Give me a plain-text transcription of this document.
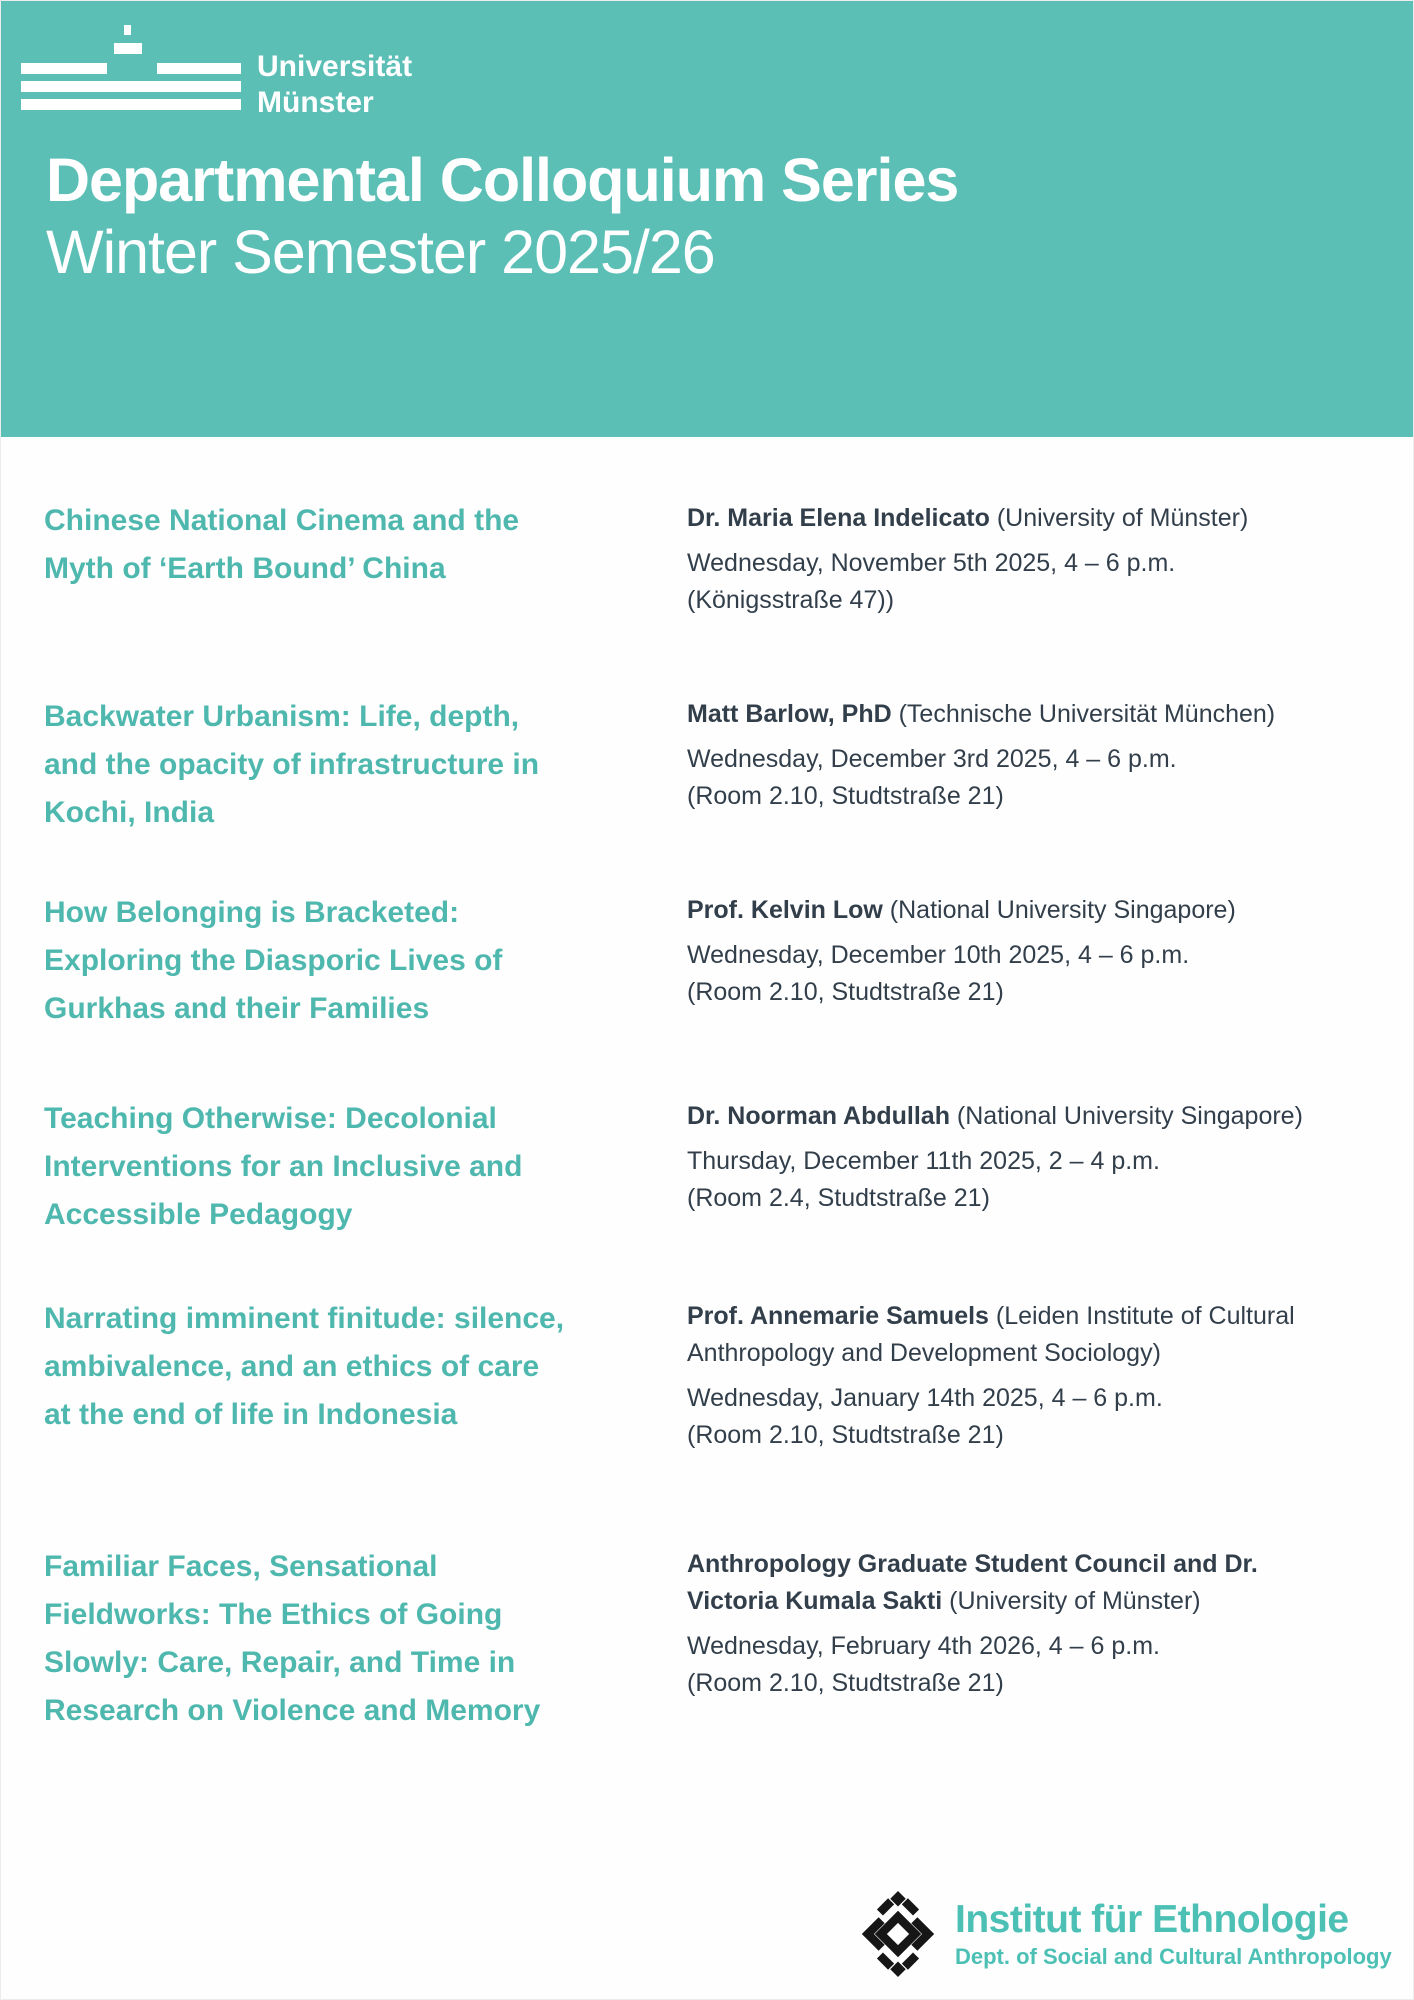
Universität
Münster
Departmental Colloquium Series
Winter Semester 2025/26
Chinese National Cinema and the
Myth of ‘Earth Bound’ China

Dr. Maria Elena Indelicato (University of Münster)

Wednesday, November 5th 2025, 4 – 6 p.m.

(Königsstraße 47))

Backwater Urbanism: Life, depth,
and the opacity of infrastructure in
Kochi, India

Matt Barlow, PhD (Technische Universität München)

Wednesday, December 3rd 2025, 4 – 6 p.m.

(Room 2.10, Studtstraße 21)

How Belonging is Bracketed:
Exploring the Diasporic Lives of
Gurkhas and their Families

Prof. Kelvin Low (National University Singapore)

Wednesday, December 10th 2025, 4 – 6 p.m.

(Room 2.10, Studtstraße 21)

Teaching Otherwise: Decolonial
Interventions for an Inclusive and
Accessible Pedagogy

Dr. Noorman Abdullah (National University Singapore)

Thursday, December 11th 2025, 2 – 4 p.m.

(Room 2.4, Studtstraße 21)

Narrating imminent finitude: silence,
ambivalence, and an ethics of care
at the end of life in Indonesia

Prof. Annemarie Samuels (Leiden Institute of Cultural

Anthropology and Development Sociology)

Wednesday, January 14th 2025, 4 – 6 p.m.

(Room 2.10, Studtstraße 21)

Familiar Faces, Sensational
Fieldworks: The Ethics of Going
Slowly: Care, Repair, and Time in
Research on Violence and Memory

Anthropology Graduate Student Council and Dr.

Victoria Kumala Sakti (University of Münster)

Wednesday, February 4th 2026, 4 – 6 p.m.

(Room 2.10, Studtstraße 21)

Institut für Ethnologie
Dept. of Social and Cultural Anthropology
